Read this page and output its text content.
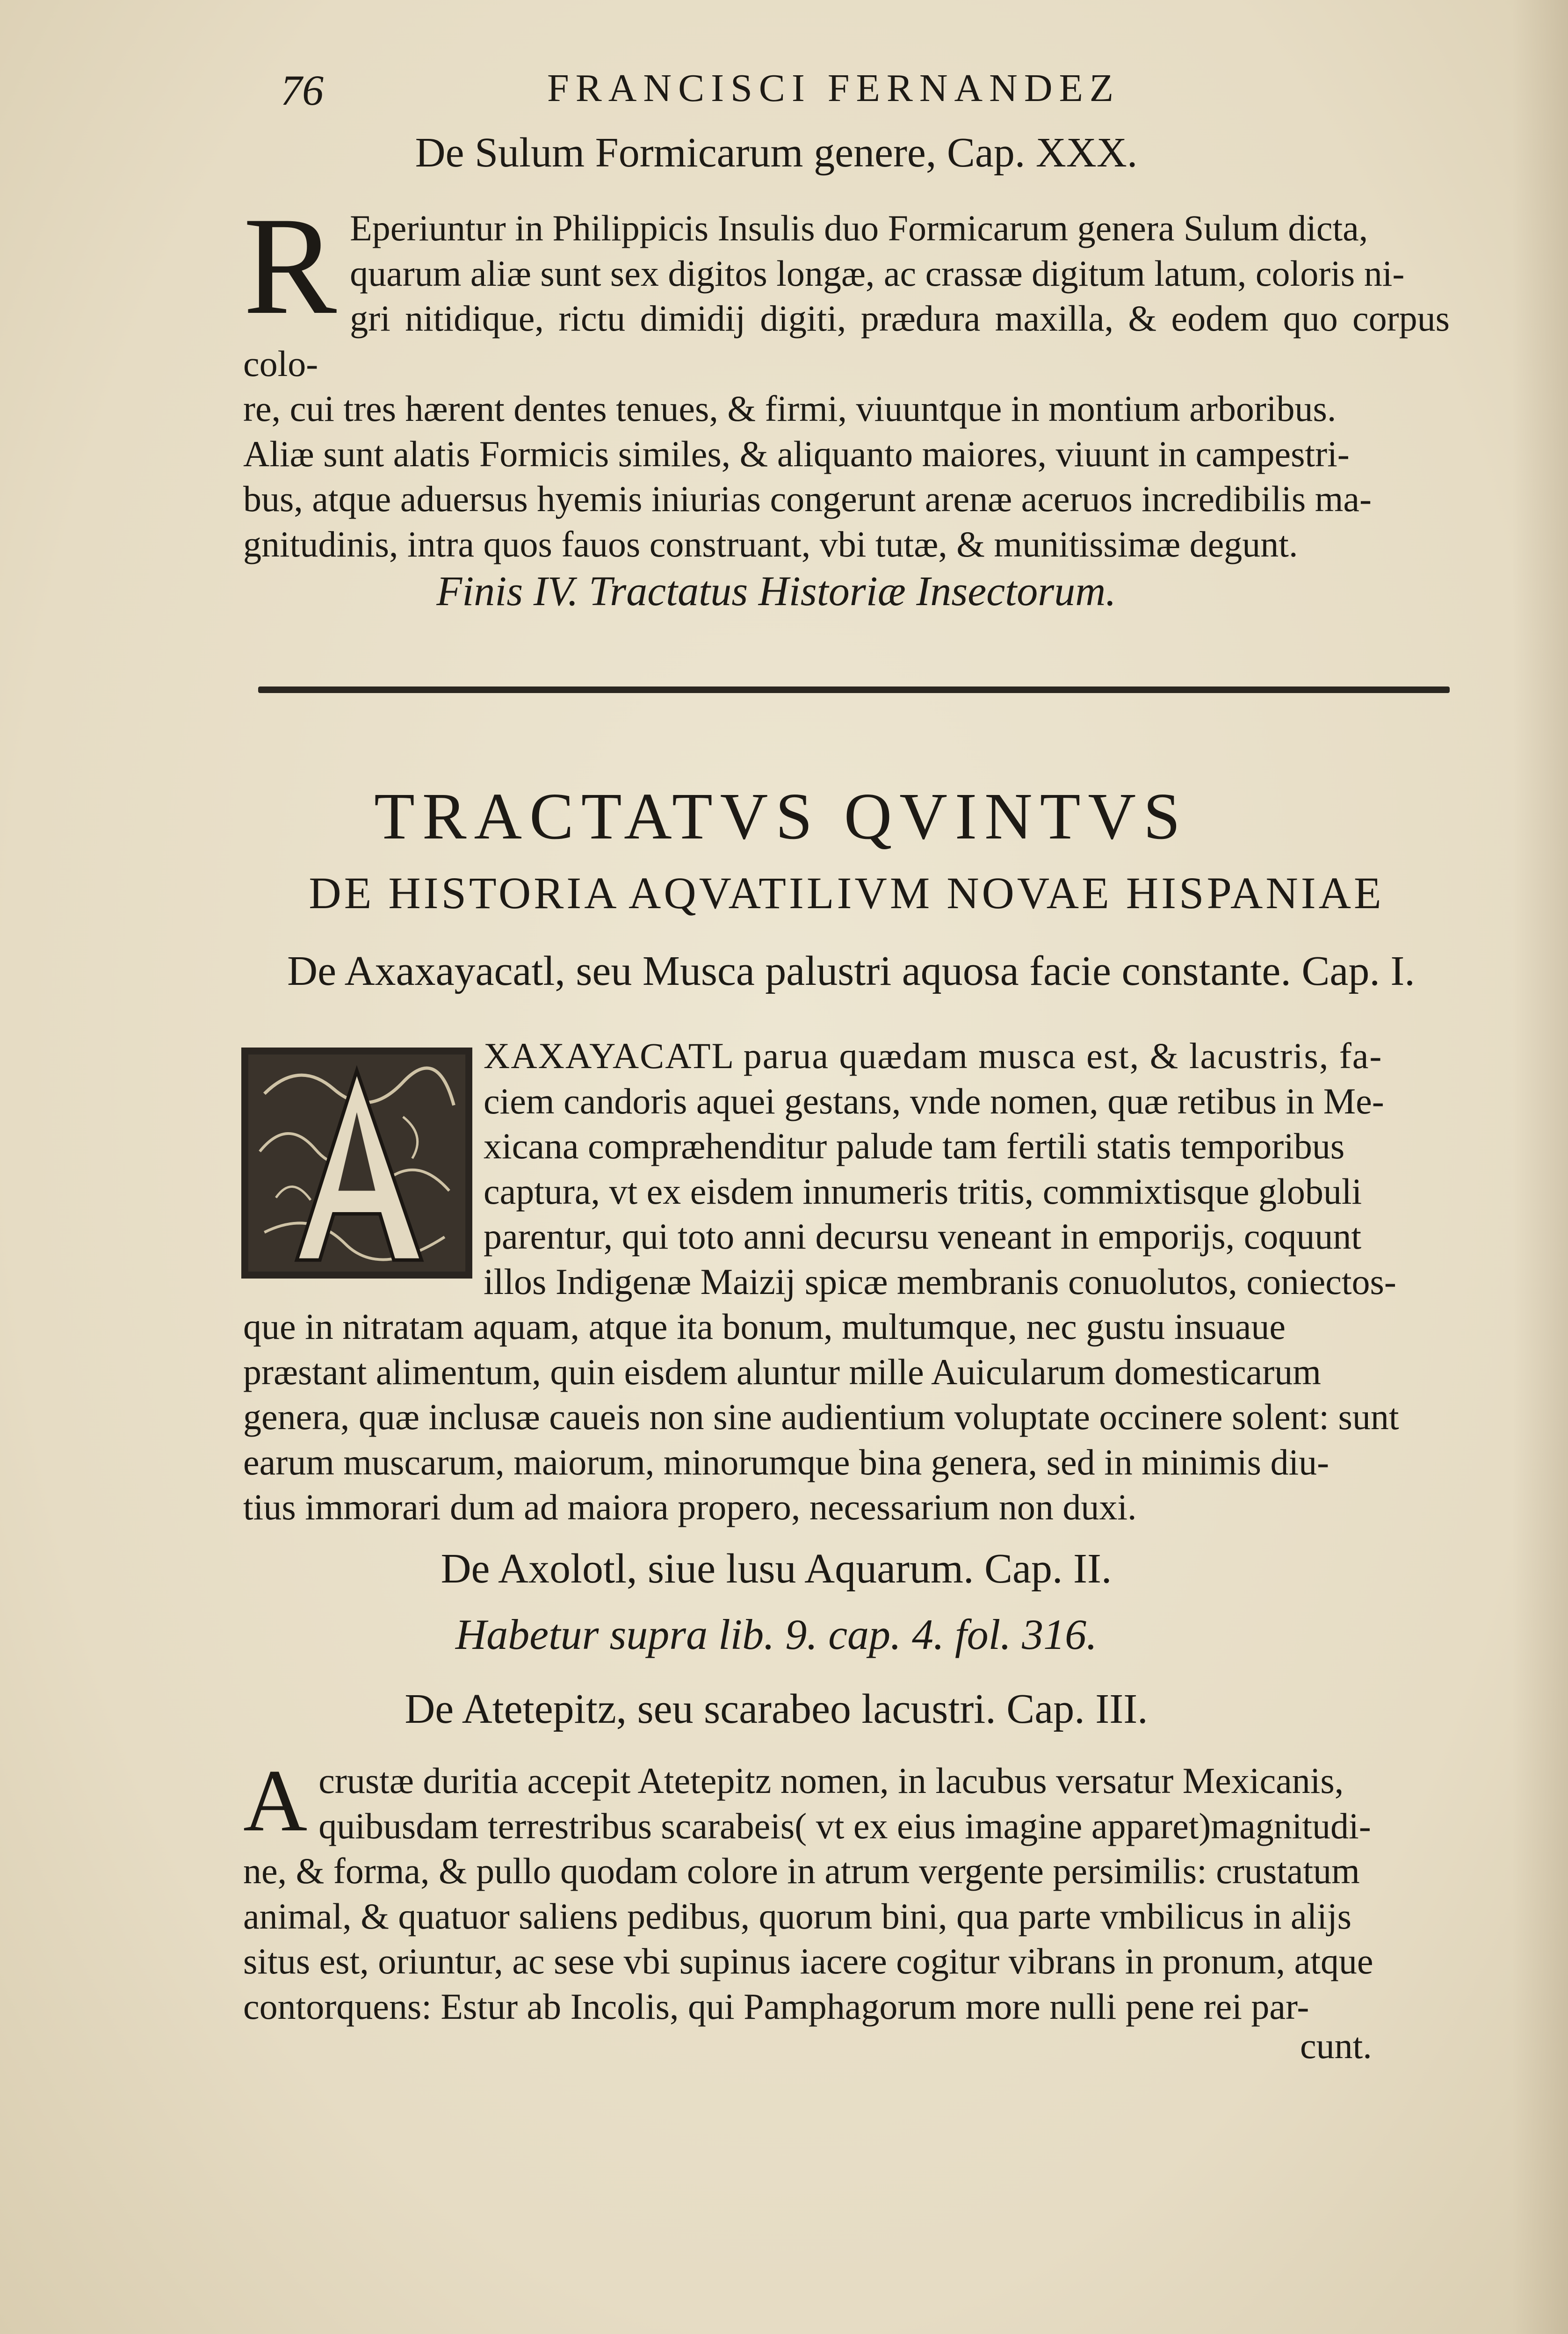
76	FRANCISCI FERNANDEZ
De Sulum Formicarum genere, Cap. XXX.
R Eperiuntur in Philippicis Insulis duo Formicarum genera Sulum dicta,

quarum aliæ sunt sex digitos longæ, ac crassæ digitum latum, coloris ni-

gri nitidique, rictu dimidij digiti, prædura maxilla, & eodem quo corpus colo-

re, cui tres hærent dentes tenues, & firmi, viuuntque in montium arboribus.

Aliæ sunt alatis Formicis similes, & aliquanto maiores, viuunt in campestri-

bus, atque aduersus hyemis iniurias congerunt arenæ aceruos incredibilis ma-

gnitudinis, intra quos fauos construant, vbi tutæ, & munitissimæ degunt.

Finis IV. Tractatus Historiæ Insectorum.
TRACTATVS QVINTVS
DE HISTORIA AQVATILIVM NOVAE HISPANIAE
De Axaxayacatl, seu Musca palustri aquosa facie constante. Cap. I.

XAXAYACATL parua quædam musca est, & lacustris, fa-

ciem candoris aquei gestans, vnde nomen, quæ retibus in Me-

xicana compræhenditur palude tam fertili statis temporibus

captura, vt ex eisdem innumeris tritis, commixtisque globuli

parentur, qui toto anni decursu veneant in emporijs, coquunt

illos Indigenæ Maizij spicæ membranis conuolutos, coniectos-

que in nitratam aquam, atque ita bonum, multumque, nec gustu insuaue

præstant alimentum, quin eisdem aluntur mille Auicularum domesticarum

genera, quæ inclusæ caueis non sine audientium voluptate occinere solent: sunt

earum muscarum, maiorum, minorumque bina genera, sed in minimis diu-

tius immorari dum ad maiora propero, necessarium non duxi.

De Axolotl, siue lusu Aquarum. Cap. II.
Habetur supra lib. 9. cap. 4. fol. 316.
De Atetepitz, seu scarabeo lacustri. Cap. III.
A crustæ duritia accepit Atetepitz nomen, in lacubus versatur Mexicanis,

quibusdam terrestribus scarabeis( vt ex eius imagine apparet)magnitudi-

ne, & forma, & pullo quodam colore in atrum vergente persimilis: crustatum

animal, & quatuor saliens pedibus, quorum bini, qua parte vmbilicus in alijs

situs est, oriuntur, ac sese vbi supinus iacere cogitur vibrans in pronum, atque

contorquens: Estur ab Incolis, qui Pamphagorum more nulli pene rei par-

cunt.
